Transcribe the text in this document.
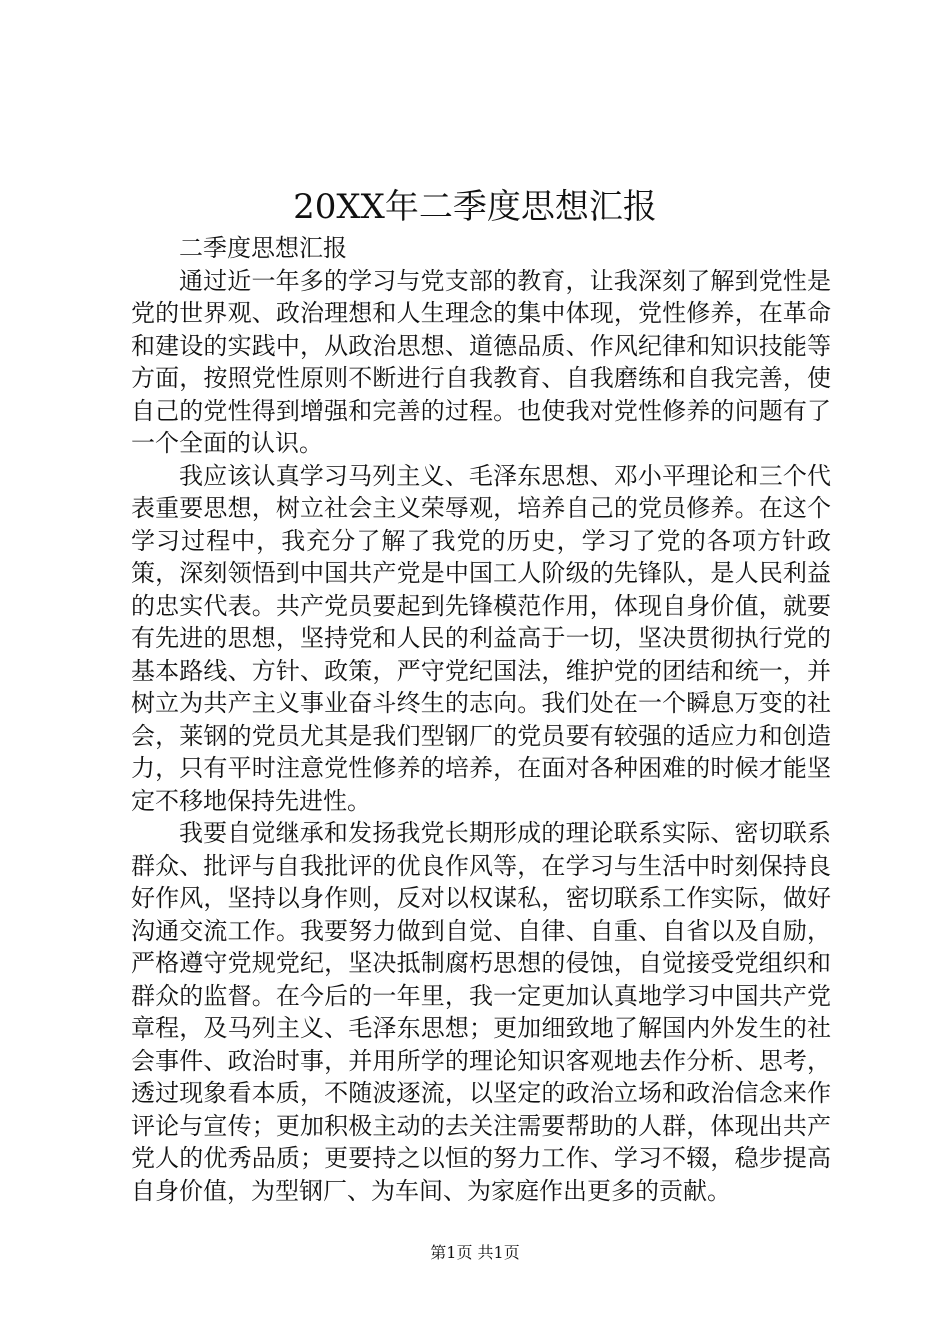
20XX年二季度思想汇报

二季度思想汇报

通过近一年多的学习与党支部的教育，让我深刻了解到党性是党的世界观、政治理想和人生理念的集中体现，党性修养，在革命和建设的实践中，从政治思想、道德品质、作风纪律和知识技能等方面，按照党性原则不断进行自我教育、自我磨练和自我完善，使自己的党性得到增强和完善的过程。也使我对党性修养的问题有了一个全面的认识。

我应该认真学习马列主义、毛泽东思想、邓小平理论和三个代表重要思想，树立社会主义荣辱观，培养自己的党员修养。在这个学习过程中，我充分了解了我党的历史，学习了党的各项方针政策，深刻领悟到中国共产党是中国工人阶级的先锋队，是人民利益的忠实代表。共产党员要起到先锋模范作用，体现自身价值，就要有先进的思想，坚持党和人民的利益高于一切，坚决贯彻执行党的基本路线、方针、政策，严守党纪国法，维护党的团结和统一，并树立为共产主义事业奋斗终生的志向。我们处在一个瞬息万变的社会，莱钢的党员尤其是我们型钢厂的党员要有较强的适应力和创造力，只有平时注意党性修养的培养，在面对各种困难的时候才能坚定不移地保持先进性。

我要自觉继承和发扬我党长期形成的理论联系实际、密切联系群众、批评与自我批评的优良作风等，在学习与生活中时刻保持良好作风，坚持以身作则，反对以权谋私，密切联系工作实际，做好沟通交流工作。我要努力做到自觉、自律、自重、自省以及自励，严格遵守党规党纪，坚决抵制腐朽思想的侵蚀，自觉接受党组织和群众的监督。在今后的一年里，我一定更加认真地学习中国共产党章程，及马列主义、毛泽东思想；更加细致地了解国内外发生的社会事件、政治时事，并用所学的理论知识客观地去作分析、思考，透过现象看本质，不随波逐流，以坚定的政治立场和政治信念来作评论与宣传；更加积极主动的去关注需要帮助的人群，体现出共产党人的优秀品质；更要持之以恒的努力工作、学习不辍，稳步提高自身价值，为型钢厂、为车间、为家庭作出更多的贡献。

第1页 共1页
